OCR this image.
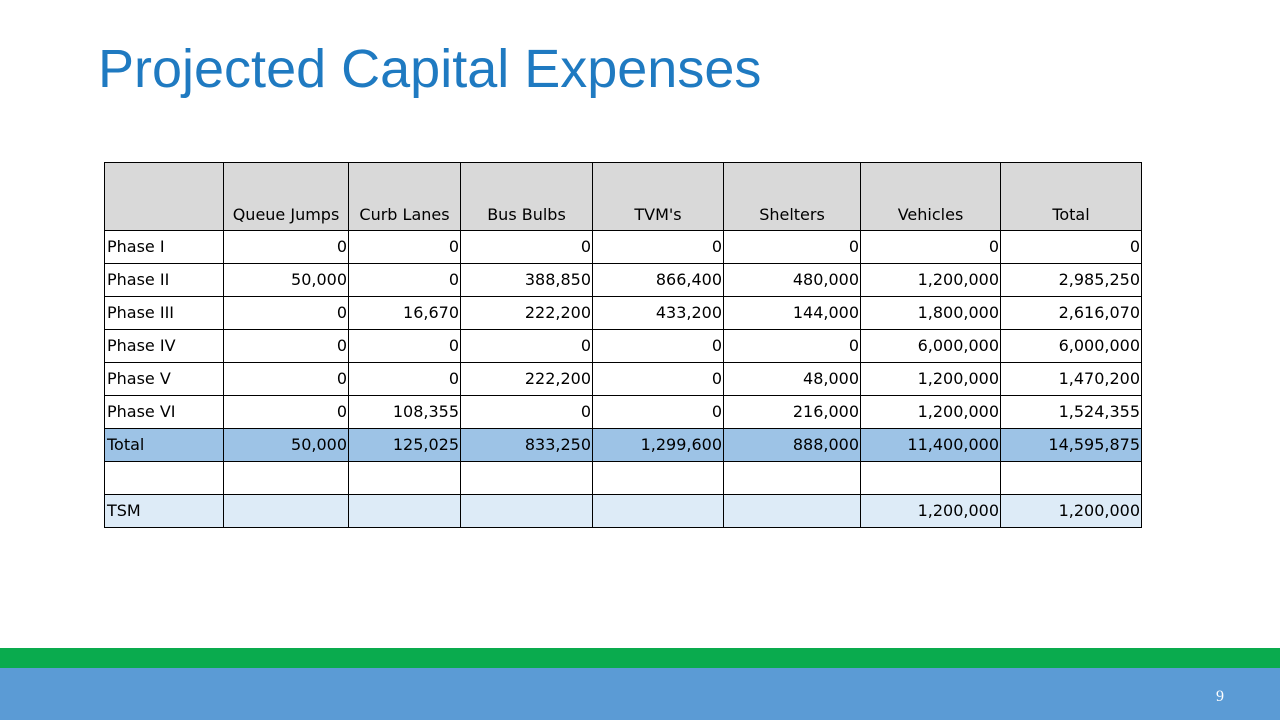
Projected Capital Expenses
	Queue Jumps	Curb Lanes	Bus Bulbs	TVM's	Shelters	Vehicles	Total
Phase I	0	0	0	0	0	0	0
Phase II	50,000	0	388,850	866,400	480,000	1,200,000	2,985,250
Phase III	0	16,670	222,200	433,200	144,000	1,800,000	2,616,070
Phase IV	0	0	0	0	0	6,000,000	6,000,000
Phase V	0	0	222,200	0	48,000	1,200,000	1,470,200
Phase VI	0	108,355	0	0	216,000	1,200,000	1,524,355
Total	50,000	125,025	833,250	1,299,600	888,000	11,400,000	14,595,875

TSM						1,200,000	1,200,000
9
